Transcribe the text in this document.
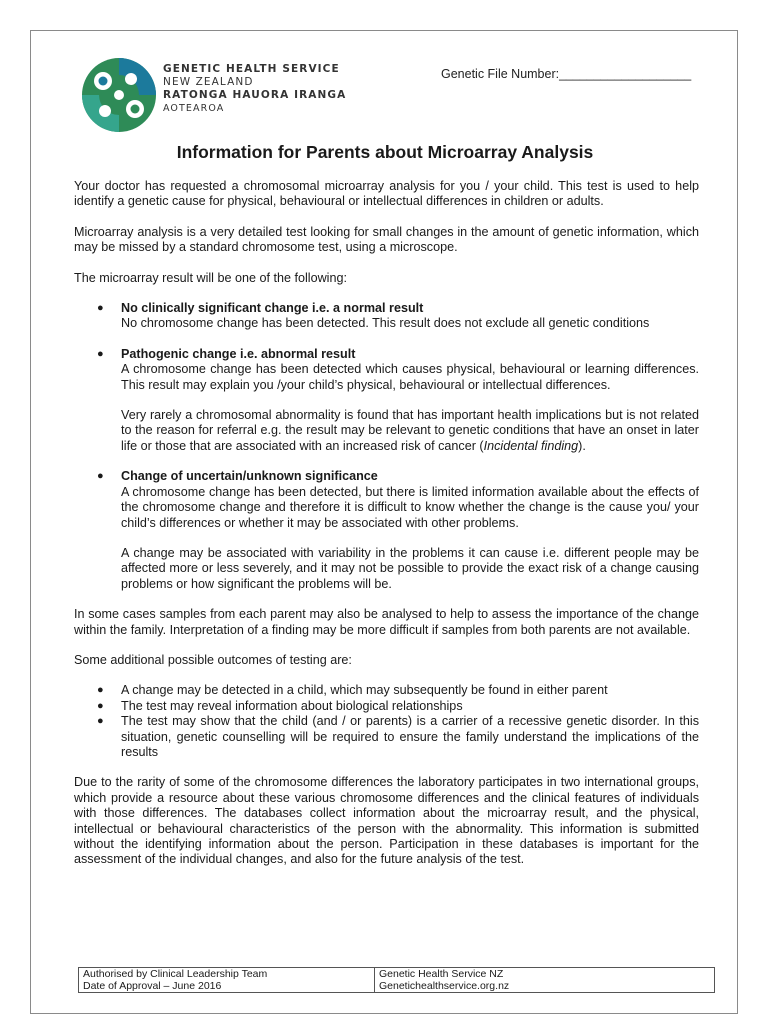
GENETIC HEALTH SERVICE
NEW ZEALAND
RATONGA HAUORA IRANGA
AOTEAROA
Genetic File Number:___________________
Information for Parents about Microarray Analysis

Your doctor has requested a chromosomal microarray analysis for you / your child. This test is used to help identify a genetic cause for physical, behavioural or intellectual differences in children or adults.

Microarray analysis is a very detailed test looking for small changes in the amount of genetic information, which may be missed by a standard chromosome test, using a microscope.

The microarray result will be one of the following:

● No clinically significant change i.e. a normal result

No chromosome change has been detected. This result does not exclude all genetic conditions

● Pathogenic change i.e. abnormal result

A chromosome change has been detected which causes physical, behavioural or learning differences. This result may explain you /your child’s physical, behavioural or intellectual differences.

Very rarely a chromosomal abnormality is found that has important health implications but is not related to the reason for referral e.g. the result may be relevant to genetic conditions that have an onset in later life or those that are associated with an increased risk of cancer (Incidental finding).

● Change of uncertain/unknown significance

A chromosome change has been detected, but there is limited information available about the effects of the chromosome change and therefore it is difficult to know whether the change is the cause you/ your child’s differences or whether it may be associated with other problems.

A change may be associated with variability in the problems it can cause i.e. different people may be affected more or less severely, and it may not be possible to provide the exact risk of a change causing problems or how significant the problems will be.

In some cases samples from each parent may also be analysed to help to assess the importance of the change within the family. Interpretation of a finding may be more difficult if samples from both parents are not available.

Some additional possible outcomes of testing are:

● A change may be detected in a child, which may subsequently be found in either parent
● The test may reveal information about biological relationships
● The test may show that the child (and / or parents) is a carrier of a recessive genetic disorder. In this situation, genetic counselling will be required to ensure the family understand the implications of the results

Due to the rarity of some of the chromosome differences the laboratory participates in two international groups, which provide a resource about these various chromosome differences and the clinical features of individuals with those differences. The databases collect information about the microarray result, and the physical, intellectual or behavioural characteristics of the person with the abnormality. This information is submitted without the identifying information about the person. Participation in these databases is important for the assessment of the individual changes, and also for the future analysis of the test.

Authorised by Clinical Leadership Team
Date of Approval – June 2016
Genetic Health Service NZ
Genetichealthservice.org.nz
